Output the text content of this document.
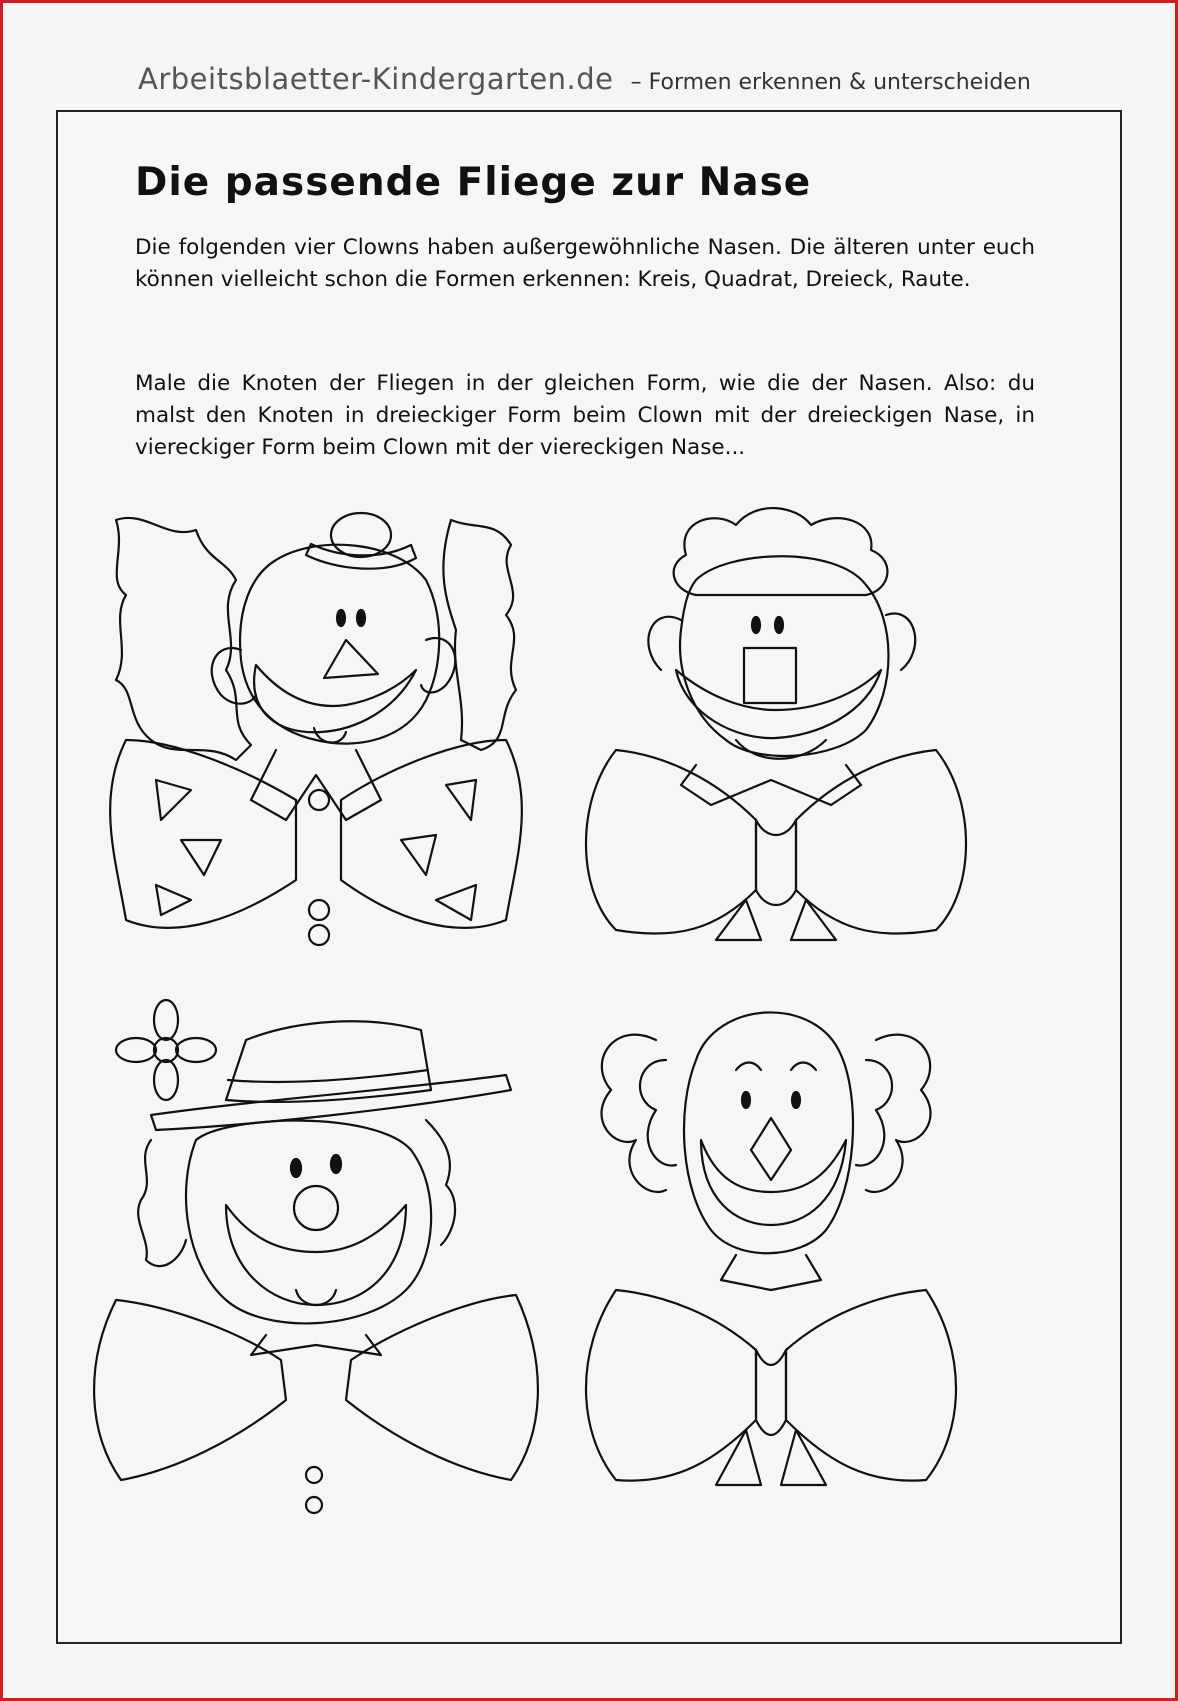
Arbeitsblaetter-Kindergarten.de – Formen erkennen & unterscheiden
Die passende Fliege zur Nase

Die folgenden vier Clowns haben außergewöhnliche Nasen. Die älteren unter euch können vielleicht schon die Formen erkennen: Kreis, Quadrat, Dreieck, Raute.

Male die Knoten der Fliegen in der gleichen Form, wie die der Nasen. Also: du malst den Knoten in dreieckiger Form beim Clown mit der dreieckigen Nase, in viereckiger Form beim Clown mit der viereckigen Nase...
